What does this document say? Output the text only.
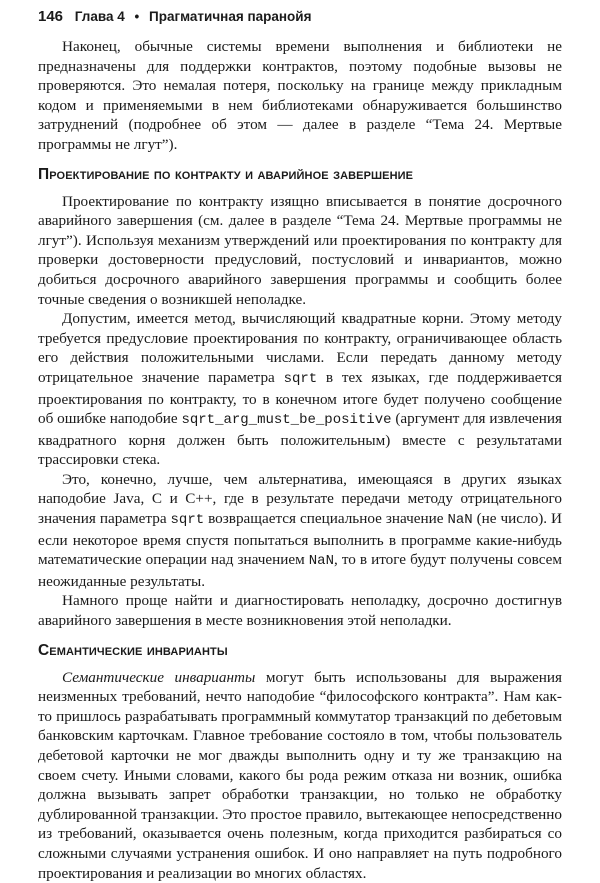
146 Глава 4 • Прагматичная паранойя

Наконец, обычные системы времени выполнения и библиотеки не предназначены для поддержки контрактов, поэтому подобные вызовы не проверяются. Это немалая потеря, поскольку на границе между прикладным кодом и применяемыми в нем библиотеками обнаруживается большинство затруднений (подробнее об этом — далее в разделе “Тема 24. Мертвые программы не лгут”).

Проектирование по контракту и аварийное завершение

Проектирование по контракту изящно вписывается в понятие досрочного аварийного завершения (см. далее в разделе “Тема 24. Мертвые программы не лгут”). Используя механизм утверждений или проектирования по контракту для проверки достоверности предусловий, постусловий и инвариантов, можно добиться досрочного аварийного завершения программы и сообщить более точные сведения о возникшей неполадке.

Допустим, имеется метод, вычисляющий квадратные корни. Этому методу требуется предусловие проектирования по контракту, ограничивающее область его действия положительными числами. Если передать данному методу отрицательное значение параметра sqrt в тех языках, где поддерживается проектирования по контракту, то в конечном итоге будет получено сообщение об ошибке наподобие sqrt_arg_must_be_positive (аргумент для извлечения квадратного корня должен быть положительным) вместе с результатами трассировки стека.

Это, конечно, лучше, чем альтернатива, имеющаяся в других языках наподобие Java, C и C++, где в результате передачи методу отрицательного значения параметра sqrt возвращается специальное значение NaN (не число). И если некоторое время спустя попытаться выполнить в программе какие-нибудь математические операции над значением NaN, то в итоге будут получены совсем неожиданные результаты.

Намного проще найти и диагностировать неполадку, досрочно достигнув аварийного завершения в месте возникновения этой неполадки.

Семантические инварианты

Семантические инварианты могут быть использованы для выражения неизменных требований, нечто наподобие “философского контракта”. Нам как-то пришлось разрабатывать программный коммутатор транзакций по дебетовым банковским карточкам. Главное требование состояло в том, чтобы пользователь дебетовой карточки не мог дважды выполнить одну и ту же транзакцию на своем счету. Иными словами, какого бы рода режим отказа ни возник, ошибка должна вызывать запрет обработки транзакции, но только не обработку дублированной транзакции. Это простое правило, вытекающее непосредственно из требований, оказывается очень полезным, когда приходится разбираться со сложными случаями устранения ошибок. И оно направляет на путь подробного проектирования и реализации во многих областях.
